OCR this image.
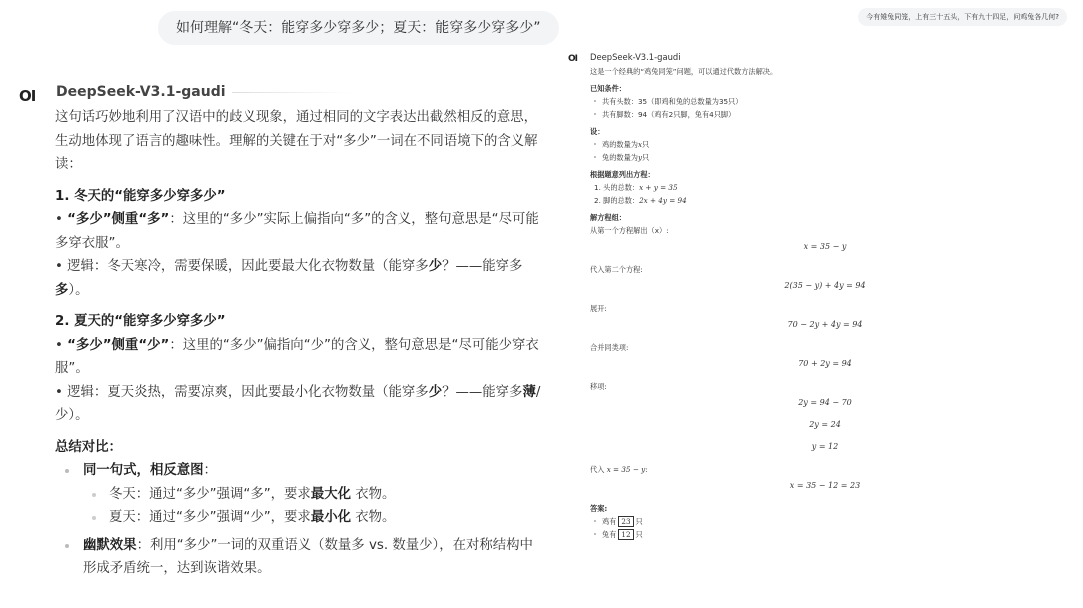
如何理解“冬天：能穿多少穿多少；夏天：能穿多少穿多少”
OI DeepSeek-V3.1-gaudi

这句话巧妙地利用了汉语中的歧义现象，通过相同的文字表达出截然相反的意思，生动地体现了语言的趣味性。理解的关键在于对“多少”一词在不同语境下的含义解读：

1. 冬天的“能穿多少穿多少”

• “多少”侧重“多”：这里的“多少”实际上偏指向“多”的含义，整句意思是“尽可能多穿衣服”。

• 逻辑：冬天寒冷，需要保暖，因此要最大化衣物数量（能穿多少？——能穿多多）。

2. 夏天的“能穿多少穿多少”

• “多少”侧重“少”：这里的“多少”偏指向“少”的含义，整句意思是“尽可能少穿衣服”。

• 逻辑：夏天炎热，需要凉爽，因此要最小化衣物数量（能穿多少？——能穿多薄/少）。

总结对比：

同一句式，相反意图：

冬天：通过“多少”强调“多”，要求最大化 衣物。

夏天：通过“多少”强调“少”，要求最小化 衣物。

幽默效果：利用“多少”一词的双重语义（数量多 vs. 数量少），在对称结构中形成矛盾统一，达到诙谐效果。

今有雉兔同笼，上有三十五头，下有九十四足，问鸡兔各几何?
OI DeepSeek-V3.1-gaudi
这是一个经典的“鸡兔同笼”问题，可以通过代数方法解决。
已知条件：
共有头数：35（即鸡和兔的总数量为35只）
共有脚数：94（鸡有2只脚，兔有4只脚）
设：
鸡的数量为x只
兔的数量为y只
根据题意列出方程：
1. 头的总数：x + y = 35
2. 脚的总数：2x + 4y = 94
解方程组：
从第一个方程解出（x）:
x = 35 − y
代入第二个方程:
2(35 − y) + 4y = 94
展开:
70 − 2y + 4y = 94
合并同类项:
70 + 2y = 94
移项:
2y = 94 − 70
2y = 24
y = 12
代入 x = 35 − y:
x = 35 − 12 = 23
答案:
鸡有 23 只
兔有 12 只
